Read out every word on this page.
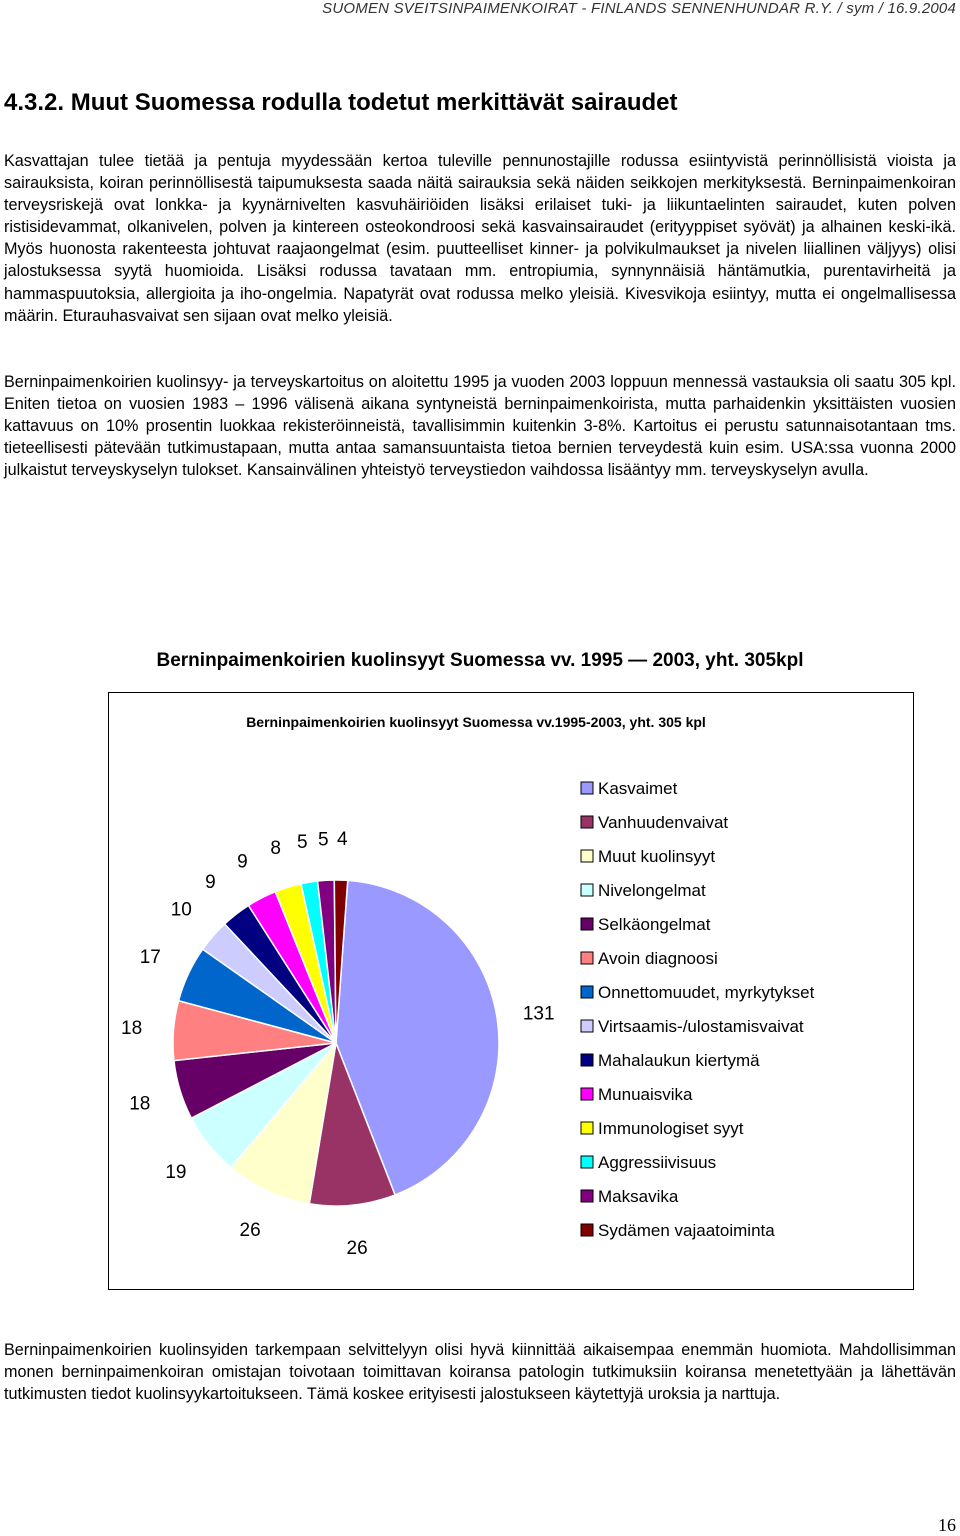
SUOMEN SVEITSINPAIMENKOIRAT - FINLANDS SENNENHUNDAR R.Y. / sym / 16.9.2004
4.3.2. Muut Suomessa rodulla todetut merkittävät sairaudet

Kasvattajan tulee tietää ja pentuja myydessään kertoa tuleville pennunostajille rodussa esiintyvistä perinnöllisistä vioista ja sairauksista, koiran perinnöllisestä taipumuksesta saada näitä sairauksia sekä näiden seikkojen merkityksestä. Berninpaimenkoiran terveysriskejä ovat lonkka- ja kyynärnivelten kasvuhäiriöiden lisäksi erilaiset tuki- ja liikuntaelinten sairaudet, kuten polven ristisidevammat, olkanivelen, polven ja kintereen osteokondroosi sekä kasvainsairaudet (erityyppiset syövät) ja alhainen keski-ikä. Myös huonosta rakenteesta johtuvat raajaongelmat (esim. puutteelliset kinner- ja polvikulmaukset ja nivelen liiallinen väljyys) olisi jalostuksessa syytä huomioida. Lisäksi rodussa tavataan mm. entropiumia, synnynnäisiä häntämutkia, purentavirheitä ja hammaspuutoksia, allergioita ja iho-ongelmia. Napatyrät ovat rodussa melko yleisiä. Kivesvikoja esiintyy, mutta ei ongelmallisessa määrin. Eturauhasvaivat sen sijaan ovat melko yleisiä.

Berninpaimenkoirien kuolinsyy- ja terveyskartoitus on aloitettu 1995 ja vuoden 2003 loppuun mennessä vastauksia oli saatu 305 kpl. Eniten tietoa on vuosien 1983 – 1996 välisenä aikana syntyneistä berninpaimenkoirista, mutta parhaidenkin yksittäisten vuosien kattavuus on 10% prosentin luokkaa rekisteröinneistä, tavallisimmin kuitenkin 3-8%. Kartoitus ei perustu satunnaisotantaan tms. tieteellisesti pätevään tutkimustapaan, mutta antaa samansuuntaista tietoa bernien terveydestä kuin esim. USA:ssa vuonna 2000 julkaistut terveyskyselyn tulokset. Kansainvälinen yhteistyö terveystiedon vaihdossa lisääntyy mm. terveyskyselyn avulla.

Berninpaimenkoirien kuolinsyyt Suomessa vv. 1995 — 2003, yht. 305kpl
Berninpaimenkoirien kuolinsyyt Suomessa vv.1995-2003, yht. 305 kpl
131
26
26
19
18
18
17
10
9
9
8 5 5 4
Kasvaimet
Vanhuudenvaivat
Muut kuolinsyyt
Nivelongelmat
Selkäongelmat
Avoin diagnoosi
Onnettomuudet, myrkytykset
Virtsaamis-/ulostamisvaivat
Mahalaukun kiertymä
Munuaisvika
Immunologiset syyt
Aggressiivisuus
Maksavika
Sydämen vajaatoiminta

Berninpaimenkoirien kuolinsyiden tarkempaan selvittelyyn olisi hyvä kiinnittää aikaisempaa enemmän huomiota. Mahdollisimman monen berninpaimenkoiran omistajan toivotaan toimittavan koiransa patologin tutkimuksiin koiransa menetettyään ja lähettävän tutkimusten tiedot kuolinsyykartoitukseen. Tämä koskee erityisesti jalostukseen käytettyjä uroksia ja narttuja.

16
